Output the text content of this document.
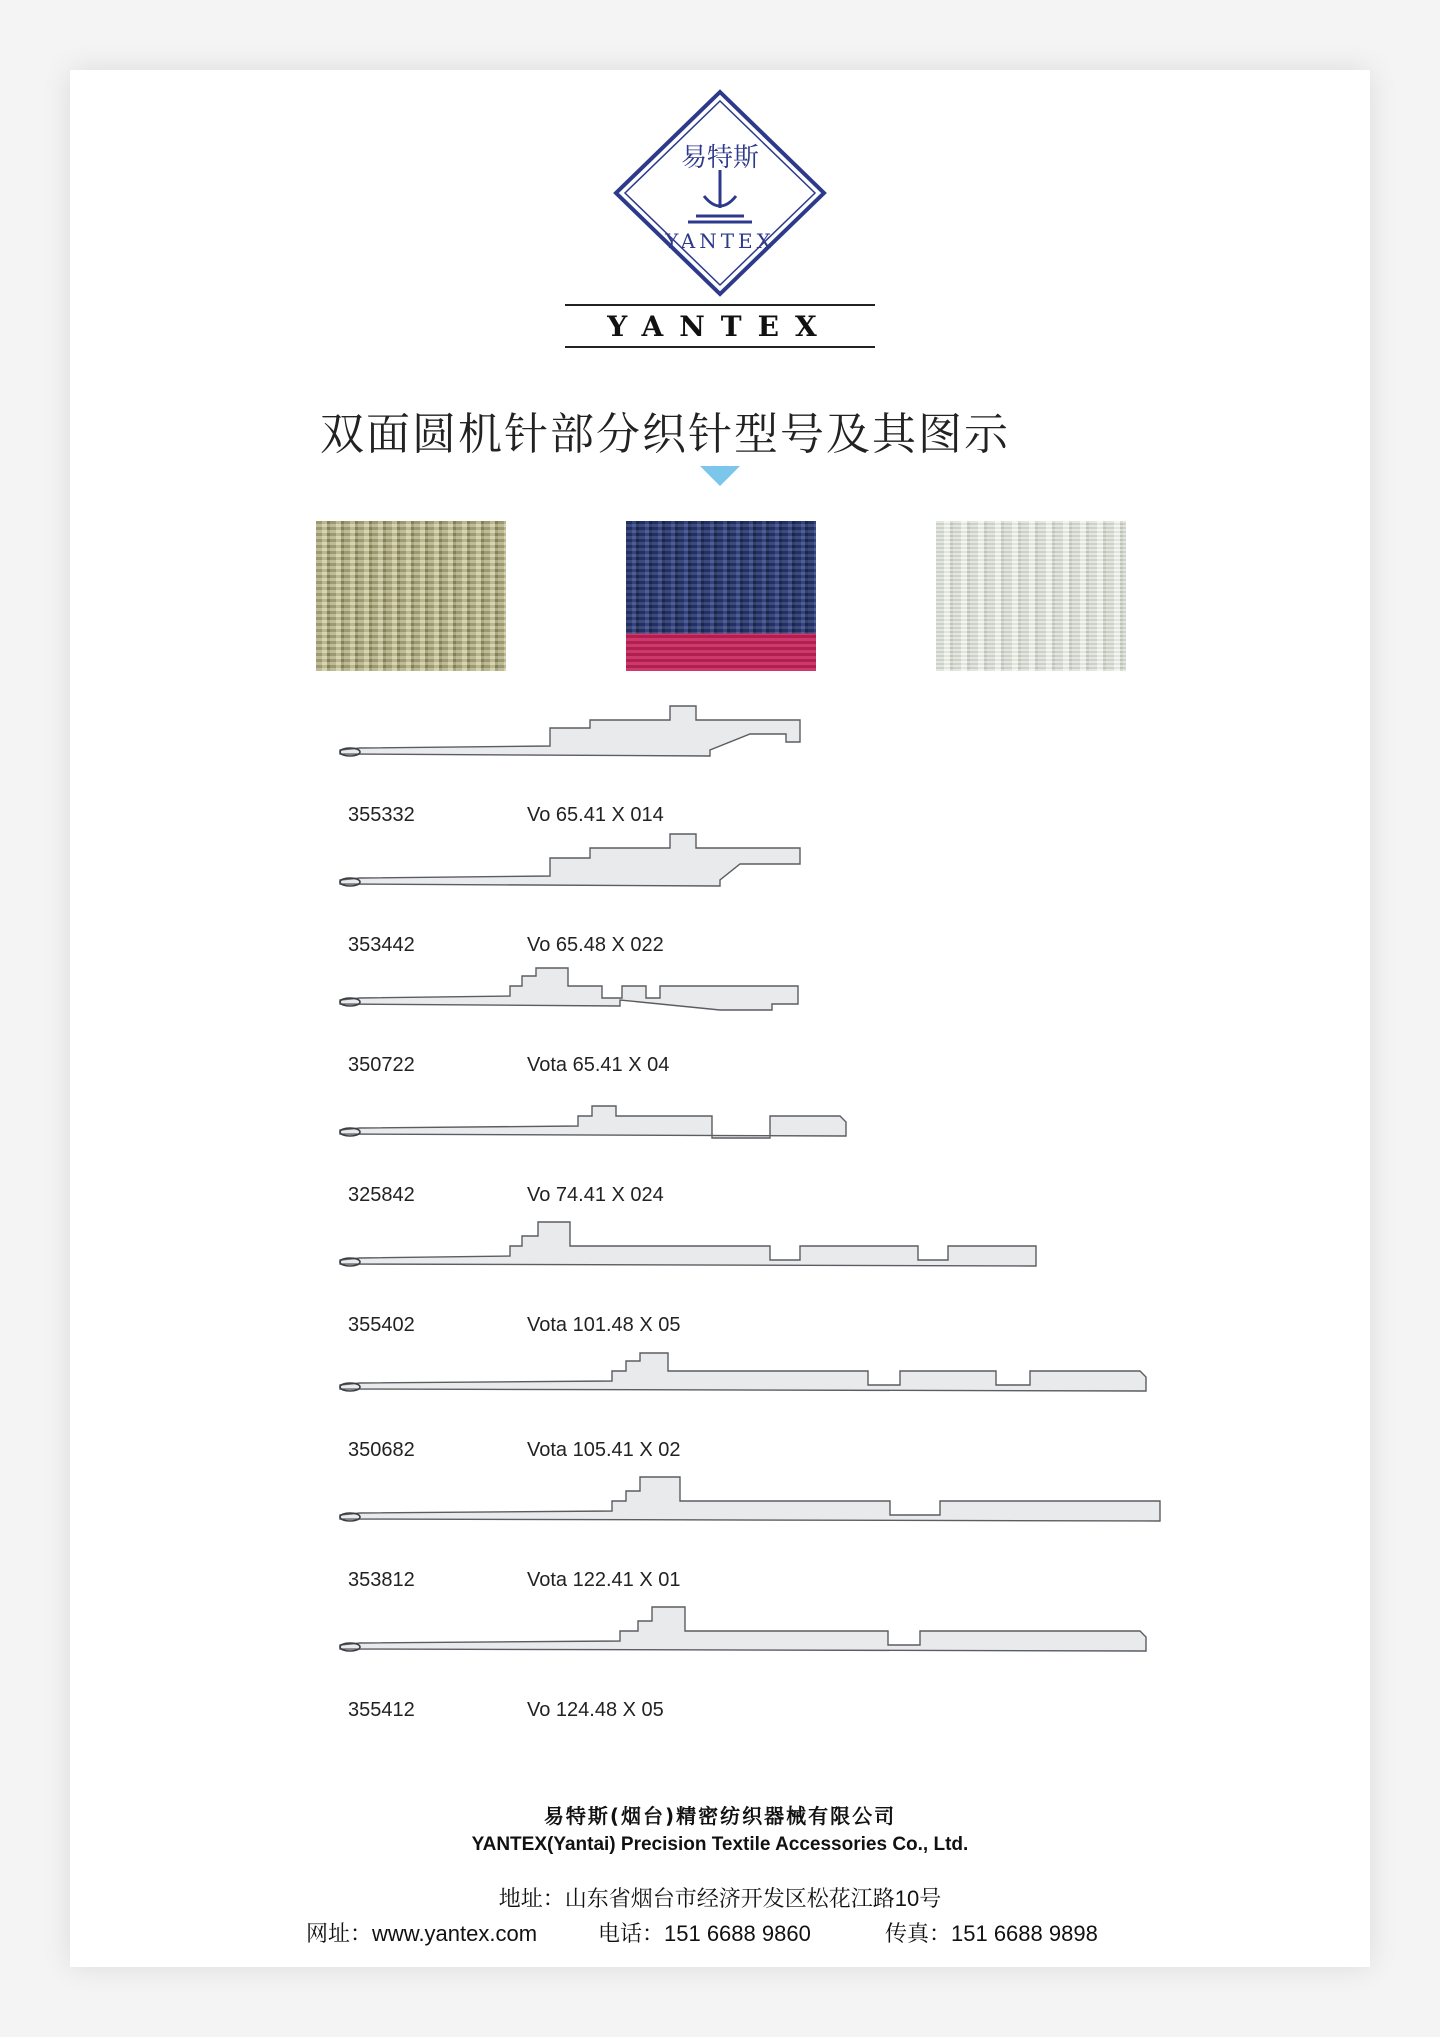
易特斯
YANTEX
YANTEX
双面圆机针部分织针型号及其图示
355332	Vo 65.41 X 014
353442	Vo 65.48 X 022
350722	Vota 65.41 X 04
325842	Vo 74.41 X 024
355402	Vota 101.48 X 05
350682	Vota 105.41 X 02
353812	Vota 122.41 X 01
355412	Vo 124.48 X 05
易特斯(烟台)精密纺织器械有限公司
YANTEX(Yantai) Precision Textile Accessories Co., Ltd.
地址：山东省烟台市经济开发区松花江路10号
网址：www.yantex.com	电话：151 6688 9860	传真：151 6688 9898
